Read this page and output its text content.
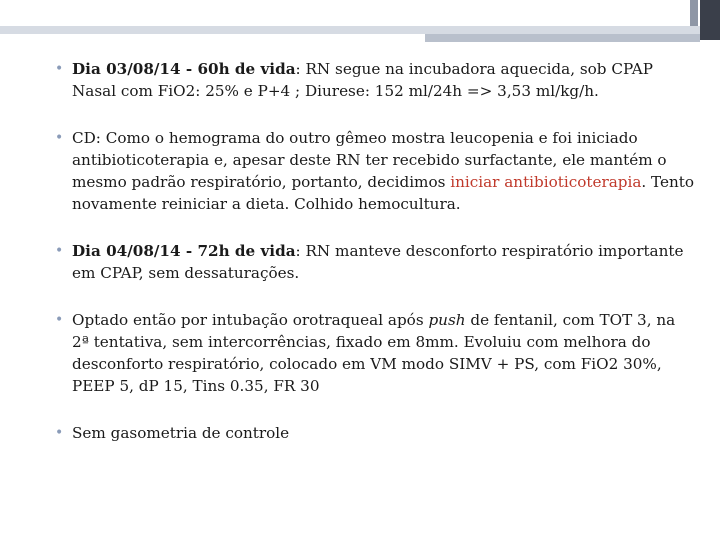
• Dia 03/08/14 - 60h de vida: RN segue na incubadora aquecida, sob CPAP Nasal com FiO2: 25% e P+4 ; Diurese: 152 ml/24h => 3,53 ml/kg/h.
• CD: Como o hemograma do outro gêmeo mostra leucopenia e foi iniciado antibioticoterapia e, apesar deste RN ter recebido surfactante, ele mantém o mesmo padrão respiratório, portanto, decidimos iniciar antibioticoterapia. Tento novamente reiniciar a dieta. Colhido hemocultura.
• Dia 04/08/14 - 72h de vida: RN manteve desconforto respiratório importante em CPAP, sem dessaturações.
• Optado então por intubação orotraqueal após push de fentanil, com TOT 3, na 2ª tentativa, sem intercorrências, fixado em 8mm. Evoluiu com melhora do desconforto respiratório, colocado em VM modo SIMV + PS, com FiO2 30%, PEEP 5, dP 15, Tins 0.35, FR 30
• Sem gasometria de controle
